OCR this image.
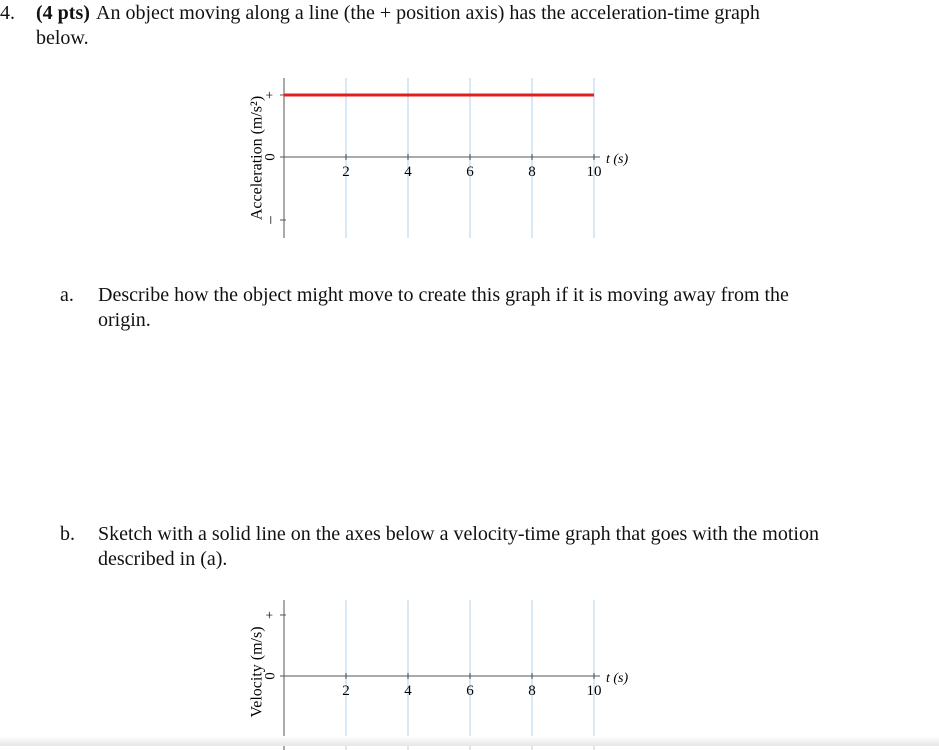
4. (4 pts) An object moving along a line (the + position axis) has the acceleration-time graph
below.
+
0
–
Acceleration (m/s²)	2	4	6	8	10
t (s)
a. Describe how the object might move to create this graph if it is moving away from the
origin.
b. Sketch with a solid line on the axes below a velocity-time graph that goes with the motion
described in (a).
+
0
Velocity (m/s)	2	4	6	8	10
t (s)
